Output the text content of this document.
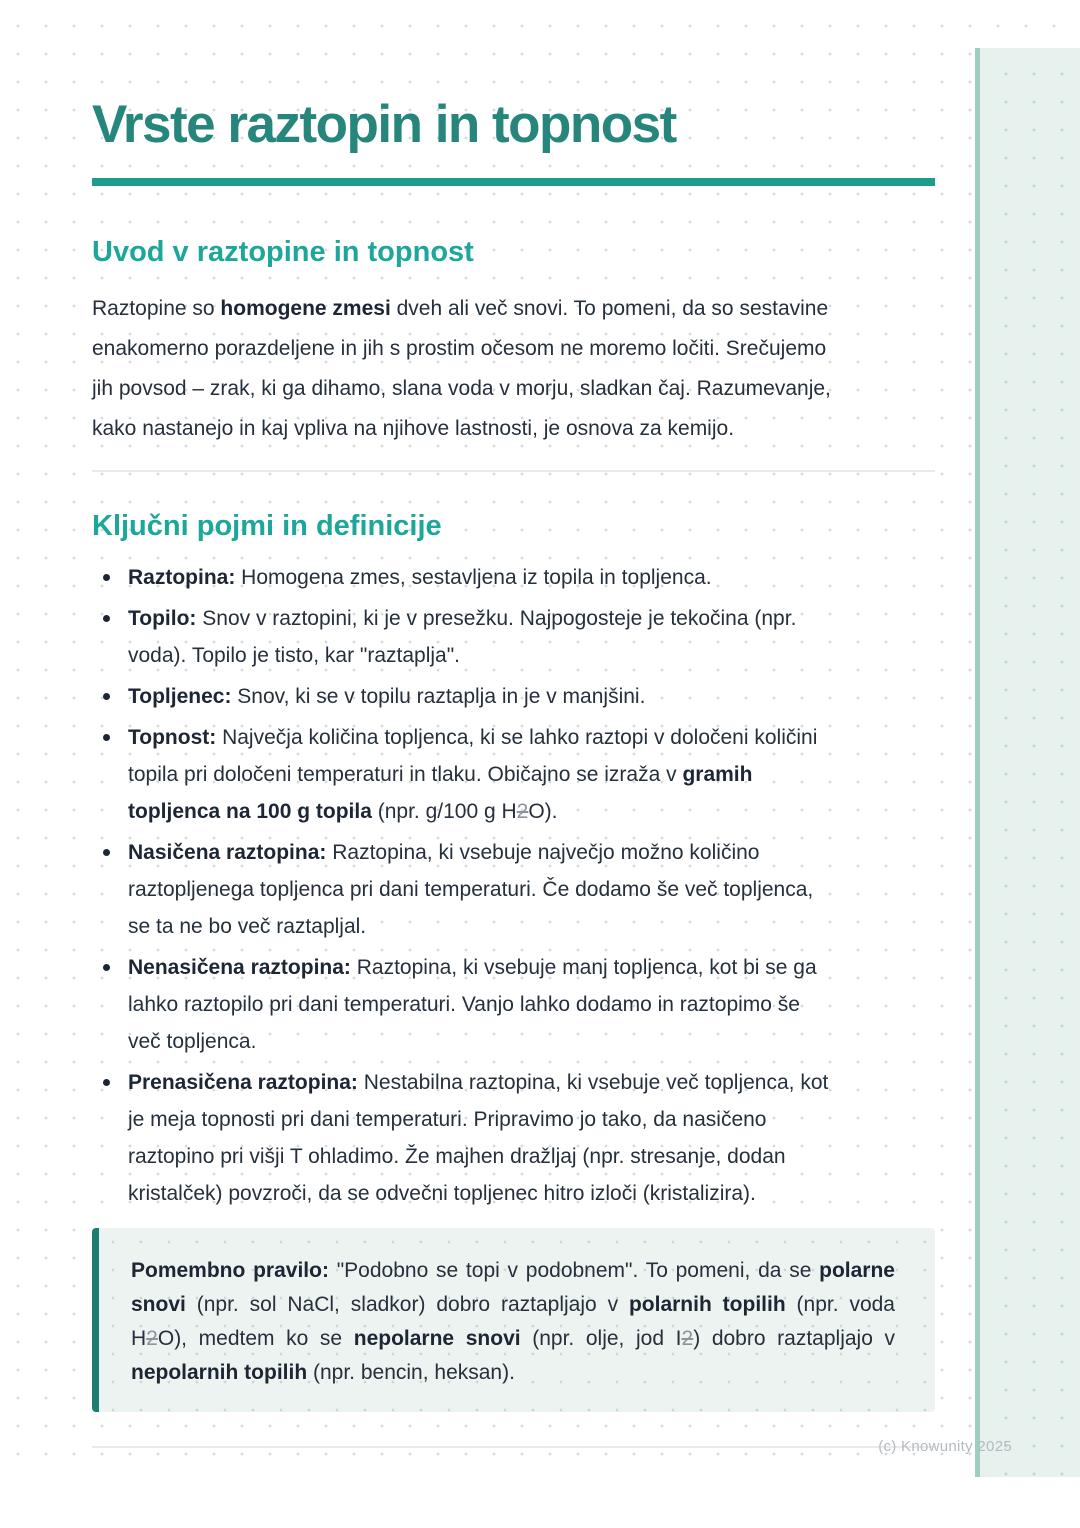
Vrste raztopin in topnost
Uvod v raztopine in topnost

Raztopine so homogene zmesi dveh ali več snovi. To pomeni, da so sestavine enakomerno porazdeljene in jih s prostim očesom ne moremo ločiti. Srečujemo jih povsod – zrak, ki ga dihamo, slana voda v morju, sladkan čaj. Razumevanje, kako nastanejo in kaj vpliva na njihove lastnosti, je osnova za kemijo.

Ključni pojmi in definicije
Raztopina: Homogena zmes, sestavljena iz topila in topljenca.
Topilo: Snov v raztopini, ki je v presežku. Najpogosteje je tekočina (npr. voda). Topilo je tisto, kar "raztaplja".
Topljenec: Snov, ki se v topilu raztaplja in je v manjšini.
Topnost: Največja količina topljenca, ki se lahko raztopi v določeni količini topila pri določeni temperaturi in tlaku. Običajno se izraža v gramih topljenca na 100 g topila (npr. g/100 g H2O).
Nasičena raztopina: Raztopina, ki vsebuje največjo možno količino raztopljenega topljenca pri dani temperaturi. Če dodamo še več topljenca, se ta ne bo več raztapljal.
Nenasičena raztopina: Raztopina, ki vsebuje manj topljenca, kot bi se ga lahko raztopilo pri dani temperaturi. Vanjo lahko dodamo in raztopimo še več topljenca.
Prenasičena raztopina: Nestabilna raztopina, ki vsebuje več topljenca, kot je meja topnosti pri dani temperaturi. Pripravimo jo tako, da nasičeno raztopino pri višji T ohladimo. Že majhen dražljaj (npr. stresanje, dodan kristalček) povzroči, da se odvečni topljenec hitro izloči (kristalizira).
Pomembno pravilo: "Podobno se topi v podobnem". To pomeni, da se polarne snovi (npr. sol NaCl, sladkor) dobro raztapljajo v polarnih topilih (npr. voda H2O), medtem ko se nepolarne snovi (npr. olje, jod I2) dobro raztapljajo v nepolarnih topilih (npr. bencin, heksan).
(c) Knowunity 2025
